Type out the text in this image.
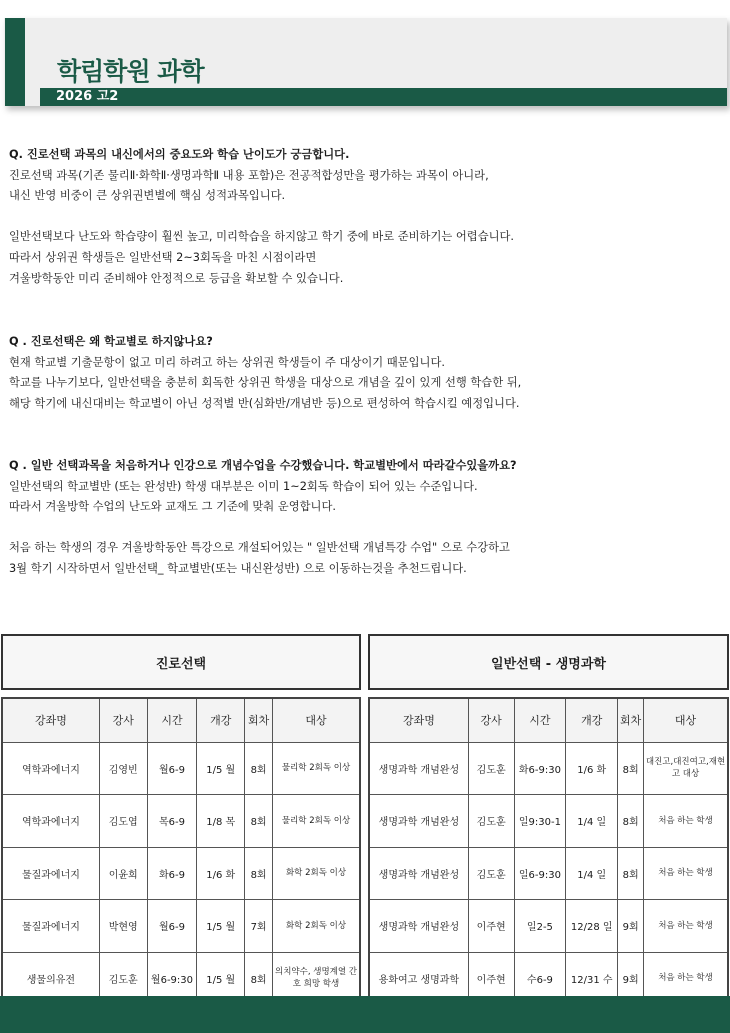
학림학원 과학
2026 고2

Q. 진로선택 과목의 내신에서의 중요도와 학습 난이도가 궁금합니다.

진로선택 과목(기존 물리Ⅱ·화학Ⅱ·생명과학Ⅱ 내용 포함)은 전공적합성만을 평가하는 과목이 아니라,

내신 반영 비중이 큰 상위권변별에 핵심 성적과목입니다.

일반선택보다 난도와 학습량이 훨씬 높고, 미리학습을 하지않고 학기 중에 바로 준비하기는 어렵습니다.

따라서 상위권 학생들은 일반선택 2~3회독을 마친 시점이라면

겨울방학동안 미리 준비해야 안정적으로 등급을 확보할 수 있습니다.

Q . 진로선택은 왜 학교별로 하지않나요?

현재 학교별 기출문항이 없고 미리 하려고 하는 상위권 학생들이 주 대상이기 때문입니다.

학교를 나누기보다, 일반선택을 충분히 회독한 상위권 학생을 대상으로 개념을 깊이 있게 선행 학습한 뒤,

해당 학기에 내신대비는 학교별이 아닌 성적별 반(심화반/개념반 등)으로 편성하여 학습시킬 예정입니다.

Q . 일반 선택과목을 처음하거나 인강으로 개념수업을 수강했습니다. 학교별반에서 따라갈수있을까요?

일반선택의 학교별반 (또는 완성반) 학생 대부분은 이미 1~2회독 학습이 되어 있는 수준입니다.

따라서 겨울방학 수업의 난도와 교재도 그 기준에 맞춰 운영합니다.

처음 하는 학생의 경우 겨울방학동안 특강으로 개설되어있는 " 일반선택 개념특강 수업" 으로 수강하고

3월 학기 시작하면서 일반선택_ 학교별반(또는 내신완성반) 으로 이동하는것을 추천드립니다.

진로선택	일반선택 - 생명과학
강좌명	강사	시간	개강	회차	대상
역학과에너지	김영빈	월6-9	1/5 월	8회	물리학 2회독 이상
역학과에너지	김도엽	목6-9	1/8 목	8회	물리학 2회독 이상
물질과에너지	이윤희	화6-9	1/6 화	8회	화학 2회독 이상
물질과에너지	박현영	월6-9	1/5 월	7회	화학 2회독 이상
생물의유전	김도훈	월6-9:30	1/5 월	8회	의치약수, 생명계열 간호 희망 학생
강좌명	강사	시간	개강	회차	대상
생명과학 개념완성	김도훈	화6-9:30	1/6 화	8회	대진고,대진여고,재현고 대상
생명과학 개념완성	김도훈	일9:30-1	1/4 일	8회	처음 하는 학생
생명과학 개념완성	김도훈	일6-9:30	1/4 일	8회	처음 하는 학생
생명과학 개념완성	이주현	일2-5	12/28 일	9회	처음 하는 학생
용화여고 생명과학	이주현	수6-9	12/31 수	9회	처음 하는 학생
